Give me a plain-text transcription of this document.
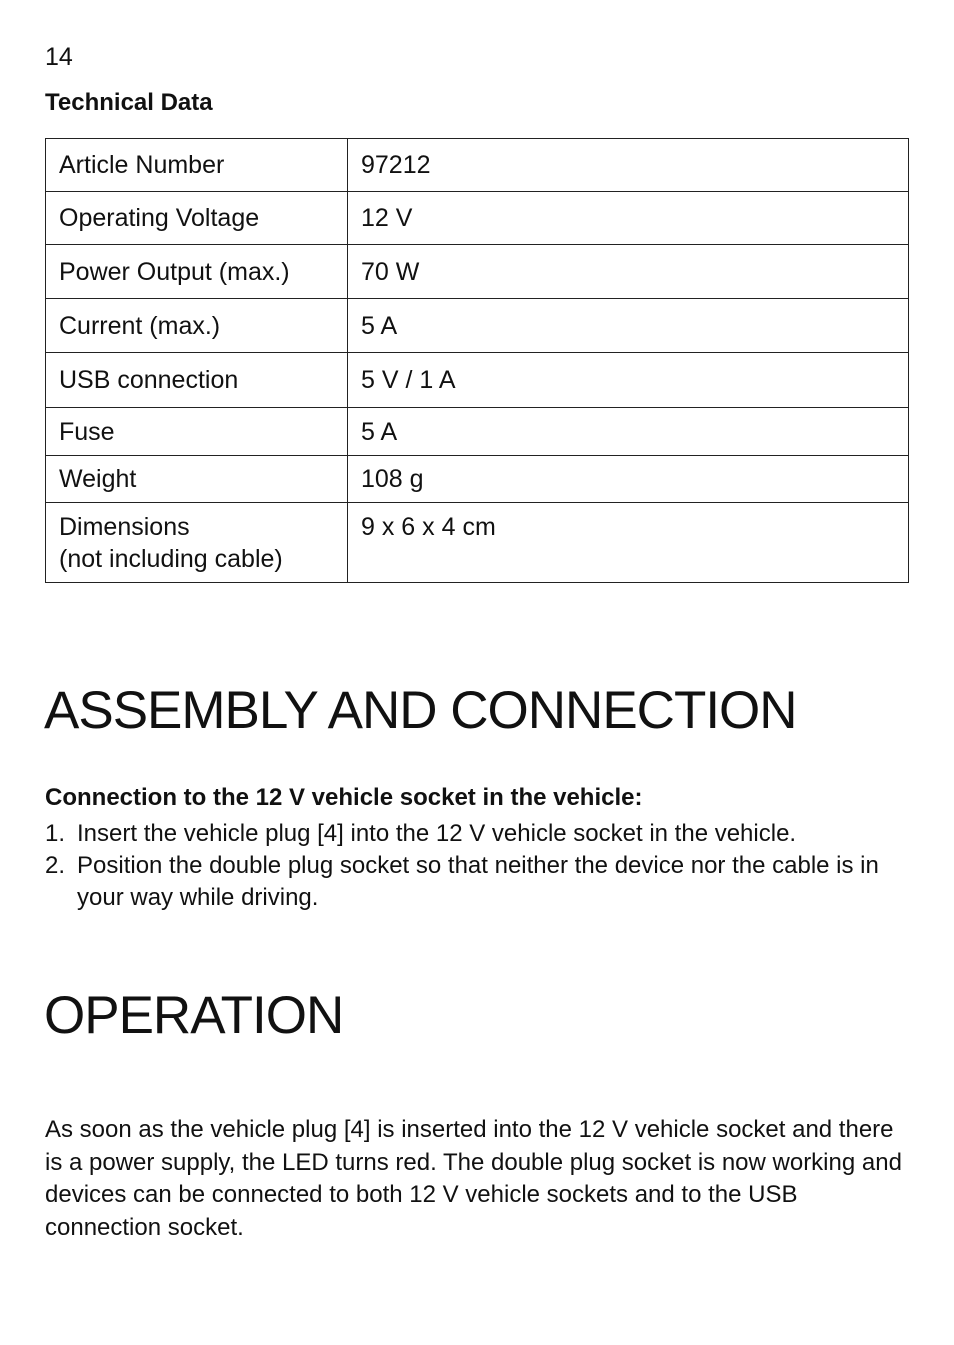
14
Technical Data
Article Number	97212
Operating Voltage	12 V
Power Output (max.)	70 W
Current (max.)	5 A
USB connection	5 V / 1 A
Fuse	5 A
Weight	108 g

Dimensions
(not including cable)	9 x 6 x 4 cm
ASSEMBLY AND CONNECTION
Connection to the 12 V vehicle socket in the vehicle:
1. Insert the vehicle plug [4] into the 12 V vehicle socket in the vehicle.
2. Position the double plug socket so that neither the device nor the cable is in your way while driving.
OPERATION

As soon as the vehicle plug [4] is inserted into the 12 V vehicle socket and there is a power supply, the LED turns red. The double plug socket is now working and devices can be connected to both 12 V vehicle sockets and to the USB connection socket.
